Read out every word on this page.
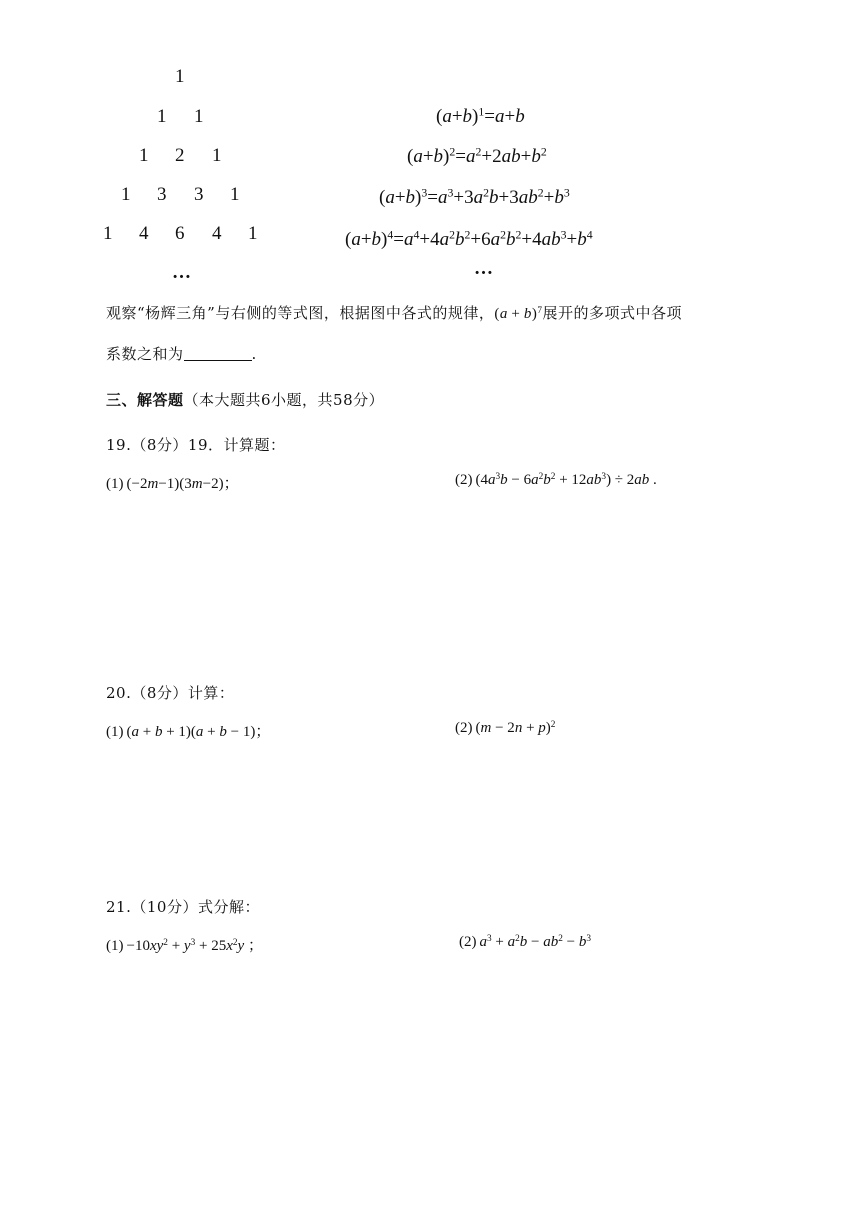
1
1 1
1 2 1
1 3 3 1
1 4 6 4 1
…
$(a+b)^1=a+b$
$(a+b)^2=a^2+2ab+b^2$
$(a+b)^3=a^3+3a^2b+3ab^2+b^3$
$(a+b)^4=a^4+4a^2b^2+6a^2b^2+4ab^3+b^4$
…
观察“杨辉三角”与右侧的等式图，根据图中各式的规律，$(a + b)^7$展开的多项式中各项
系数之和为	.
三、解答题（本大题共6小题，共58分）
19.（8分）19．计算题：
(1) (−2m−1)(3m−2)；	(2) $(4a^3b - 6a^2b^2 + 12ab^3) \div 2ab$ .
20.（8分）计算：
(1) (a + b + 1)(a + b − 1)；	(2) $(m - 2n + p)^2$
21.（10分）式分解：
$(1) -10xy^2 + y^3 + 25x^2y$ ；	(2)  $a^3 + a^2b - ab^2 - b^3$
